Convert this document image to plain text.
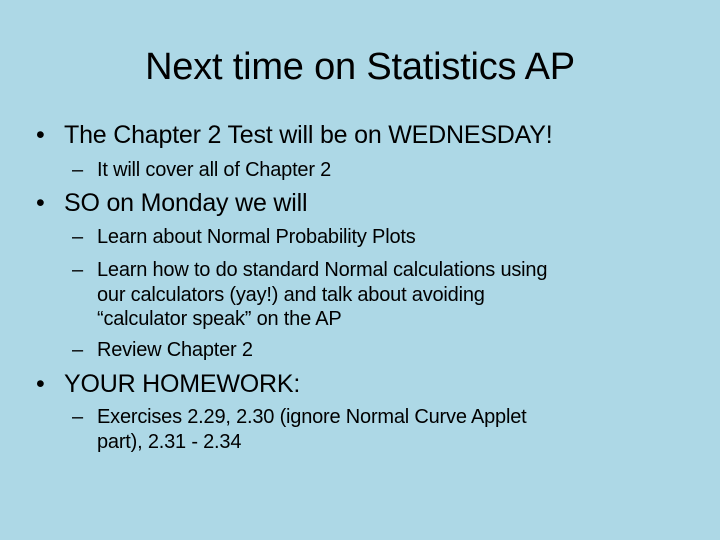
Next time on Statistics AP
• The Chapter 2 Test will be on WEDNESDAY!
– It will cover all of Chapter 2
• SO on Monday we will
– Learn about Normal Probability Plots
– Learn how to do standard Normal calculations using
our calculators (yay!) and talk about avoiding
“calculator speak” on the AP
– Review Chapter 2
• YOUR HOMEWORK:
– Exercises 2.29, 2.30 (ignore Normal Curve Applet
part), 2.31 - 2.34
